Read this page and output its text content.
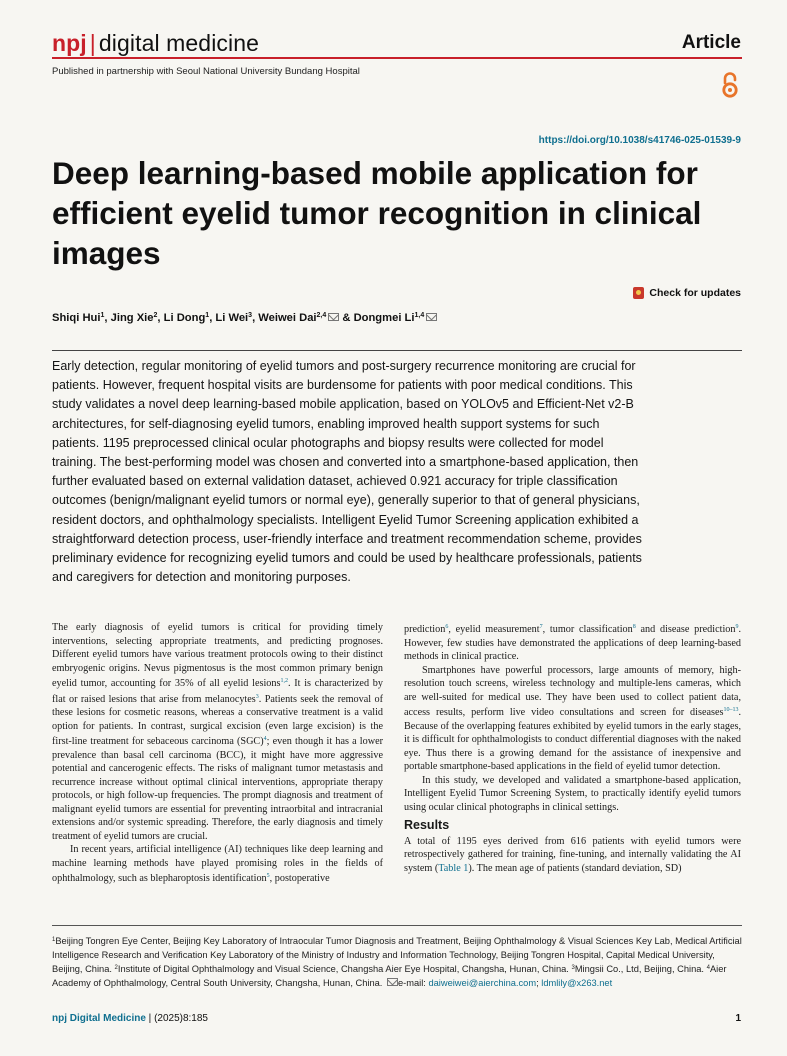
npj | digital medicine	Article
Published in partnership with Seoul National University Bundang Hospital
https://doi.org/10.1038/s41746-025-01539-9
Deep learning-based mobile application for efficient eyelid tumor recognition in clinical images
Check for updates
Shiqi Hui$^1$, Jing Xie$^2$, Li Dong$^1$, Li Wei$^3$, Weiwei Dai$^{2,4}$ & Dongmei Li$^{1,4}$

Early detection, regular monitoring of eyelid tumors and post-surgery recurrence monitoring are crucial for patients. However, frequent hospital visits are burdensome for patients with poor medical conditions. This study validates a novel deep learning-based mobile application, based on YOLOv5 and Efficient-Net v2-B architectures, for self-diagnosing eyelid tumors, enabling improved health support systems for such patients. 1195 preprocessed clinical ocular photographs and biopsy results were collected for model training. The best-performing model was chosen and converted into a smartphone-based application, then further evaluated based on external validation dataset, achieved 0.921 accuracy for triple classification outcomes (benign/malignant eyelid tumors or normal eye), generally superior to that of general physicians, resident doctors, and ophthalmology specialists. Intelligent Eyelid Tumor Screening application exhibited a straightforward detection process, user-friendly interface and treatment recommendation scheme, provides preliminary evidence for recognizing eyelid tumors and could be used by healthcare professionals, patients and caregivers for detection and monitoring purposes.

The early diagnosis of eyelid tumors is critical for providing timely interventions, selecting appropriate treatments, and predicting prognoses. Different eyelid tumors have various treatment protocols owing to their distinct embryogenic origins. Nevus pigmentosus is the most common primary benign eyelid tumor, accounting for 35% of all eyelid lesions$^{1,2}$. It is characterized by flat or raised lesions that arise from melanocytes$^3$. Patients seek the removal of these lesions for cosmetic reasons, whereas a conservative treatment is a valid option for patients. In contrast, surgical excision (even large excision) is the first-line treatment for sebaceous carcinoma (SGC)$^4$; even though it has a lower prevalence than basal cell carcinoma (BCC), it might have more aggressive potential and cancerogenic effects. The risks of malignant tumor metastasis and recurrence increase without optimal clinical interventions, appropriate therapy protocols, or high follow-up frequencies. The prompt diagnosis and treatment of malignant eyelid tumors are essential for preventing intraorbital and intracranial extensions and/or systemic spreading. Therefore, the early diagnosis and timely treatment of eyelid tumors are crucial.

In recent years, artificial intelligence (AI) techniques like deep learning and machine learning methods have played promising roles in the fields of ophthalmology, such as blepharoptosis identification$^5$, postoperative

prediction$^6$, eyelid measurement$^7$, tumor classification$^8$ and disease prediction$^9$. However, few studies have demonstrated the applications of deep learning-based methods in clinical practice.

Smartphones have powerful processors, large amounts of memory, high-resolution touch screens, wireless technology and multiple-lens cameras, which are well-suited for medical use. They have been used to collect patient data, access results, perform live video consultations and screen for diseases$^{10-13}$. Because of the overlapping features exhibited by eyelid tumors in the early stages, it is difficult for ophthalmologists to conduct differential diagnoses with the naked eye. Thus there is a growing demand for the assistance of inexpensive and portable smartphone-based applications in the field of eyelid tumor detection.

In this study, we developed and validated a smartphone-based application, Intelligent Eyelid Tumor Screening System, to practically identify eyelid tumors using ocular clinical photographs in clinical settings.

Results

A total of 1195 eyes derived from 616 patients with eyelid tumors were retrospectively gathered for training, fine-tuning, and internally validating the AI system (Table 1). The mean age of patients (standard deviation, SD)

$^1$Beijing Tongren Eye Center, Beijing Key Laboratory of Intraocular Tumor Diagnosis and Treatment, Beijing Ophthalmology & Visual Sciences Key Lab, Medical Artificial Intelligence Research and Verification Key Laboratory of the Ministry of Industry and Information Technology, Beijing Tongren Hospital, Capital Medical University, Beijing, China. $^2$Institute of Digital Ophthalmology and Visual Science, Changsha Aier Eye Hospital, Changsha, Hunan, China. $^3$Mingsii Co., Ltd, Beijing, China. $^4$Aier Academy of Ophthalmology, Central South University, Changsha, Hunan, China. e-mail: daiweiwei@aierchina.com; ldmlily@x263.net

npj Digital Medicine | (2025)8:185	1
